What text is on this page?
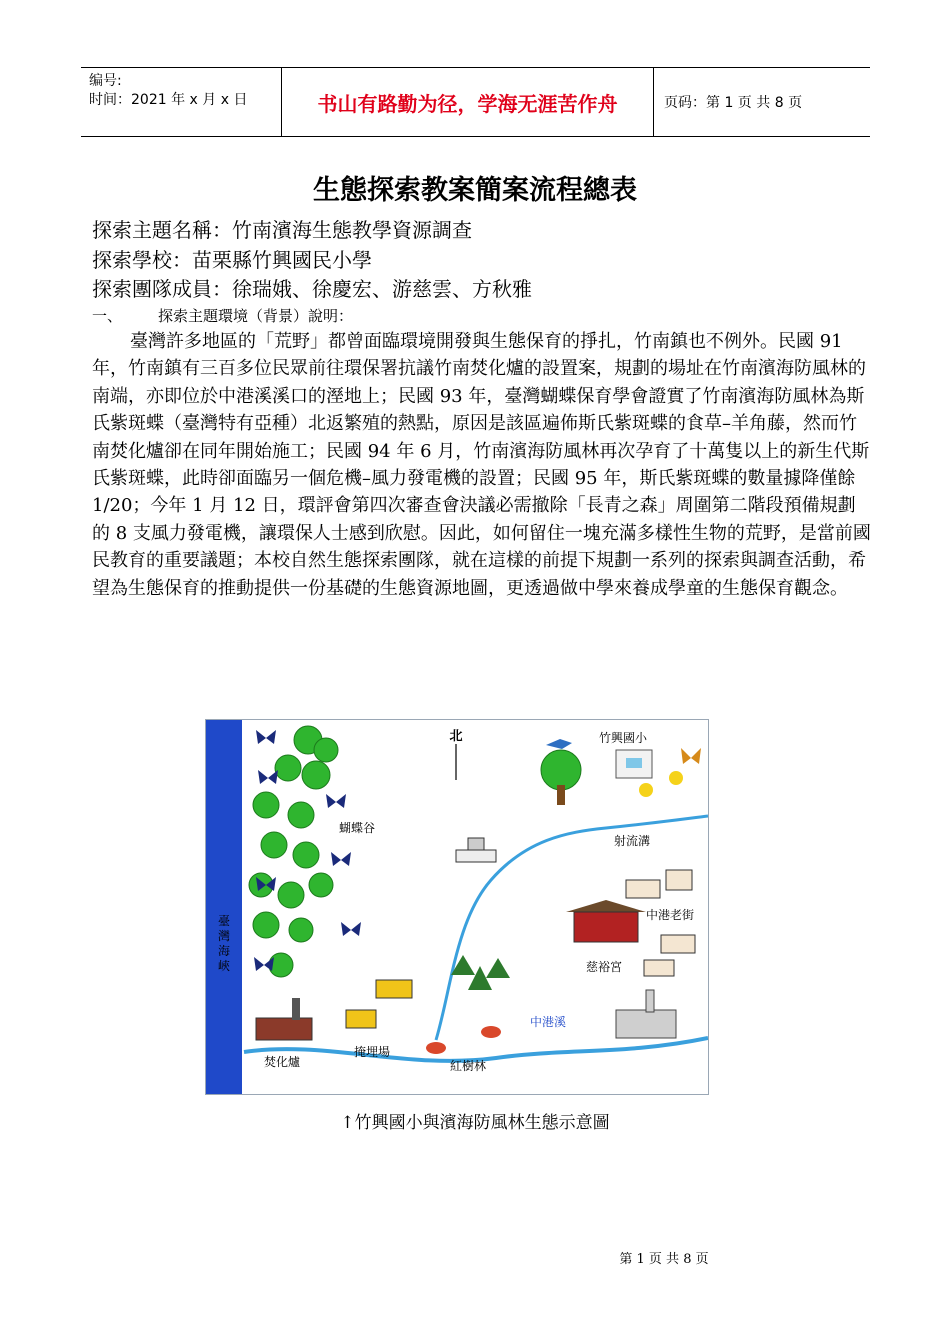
编号:
时间：2021 年 x 月 x 日	书山有路勤为径，学海无涯苦作舟	页码：第 1 页 共 8 页
生態探索教案簡案流程總表
探索主題名稱：竹南濱海生態教學資源調查
探索學校：苗栗縣竹興國民小學
探索團隊成員：徐瑞娥、徐慶宏、游慈雲、方秋雅
一、 探索主題環境（背景）說明：

臺灣許多地區的「荒野」都曾面臨環境開發與生態保育的掙扎，竹南鎮也不例外。民國 91 年，竹南鎮有三百多位民眾前往環保署抗議竹南焚化爐的設置案，規劃的場址在竹南濱海防風林的南端，亦即位於中港溪溪口的溼地上；民國 93 年，臺灣蝴蝶保育學會證實了竹南濱海防風林為斯氏紫斑蝶（臺灣特有亞種）北返繁殖的熱點，原因是該區遍佈斯氏紫斑蝶的食草–羊角藤，然而竹南焚化爐卻在同年開始施工；民國 94 年 6 月，竹南濱海防風林再次孕育了十萬隻以上的新生代斯氏紫斑蝶，此時卻面臨另一個危機–風力發電機的設置；民國 95 年，斯氏紫斑蝶的數量據降僅餘 1/20；今年 1 月 12 日，環評會第四次審查會決議必需撤除「長青之森」周圍第二階段預備規劃的 8 支風力發電機，讓環保人士感到欣慰。因此，如何留住一塊充滿多樣性生物的荒野，是當前國民教育的重要議題；本校自然生態探索團隊，就在這樣的前提下規劃一系列的探索與調查活動，希望為生態保育的推動提供一份基礎的生態資源地圖，更透過做中學來養成學童的生態保育觀念。

臺
灣
海
峽
蝴蝶谷
北	竹興國小
射流溝
中港老街
慈裕宮
焚化爐
掩埋場
紅樹林
中港溪
↑竹興國小與濱海防風林生態示意圖
第 1 页 共 8 页
